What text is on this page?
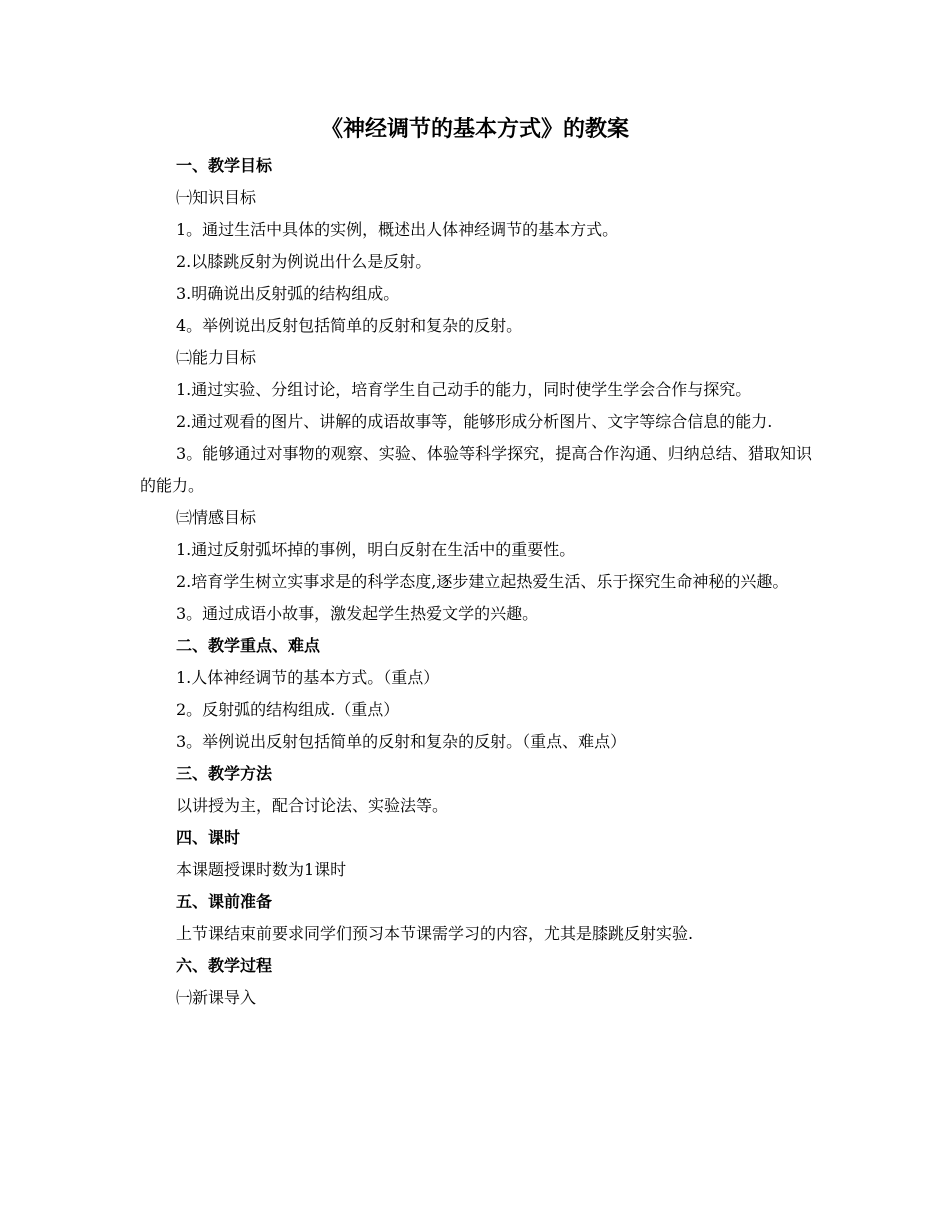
《神经调节的基本方式》的教案

一、教学目标

㈠知识目标

1。通过生活中具体的实例，概述出人体神经调节的基本方式。

2.以膝跳反射为例说出什么是反射。

3.明确说出反射弧的结构组成。

4。举例说出反射包括简单的反射和复杂的反射。

㈡能力目标

1.通过实验、分组讨论，培育学生自己动手的能力，同时使学生学会合作与探究。

2.通过观看的图片、讲解的成语故事等，能够形成分析图片、文字等综合信息的能力.

3。能够通过对事物的观察、实验、体验等科学探究，提高合作沟通、归纳总结、猎取知识的能力。

㈢情感目标

1.通过反射弧坏掉的事例，明白反射在生活中的重要性。

2.培育学生树立实事求是的科学态度,逐步建立起热爱生活、乐于探究生命神秘的兴趣。

3。通过成语小故事，激发起学生热爱文学的兴趣。

二、教学重点、难点

1.人体神经调节的基本方式。（重点）

2。反射弧的结构组成.（重点）

3。举例说出反射包括简单的反射和复杂的反射。（重点、难点）

三、教学方法

以讲授为主，配合讨论法、实验法等。

四、课时

本课题授课时数为1课时

五、课前准备

上节课结束前要求同学们预习本节课需学习的内容，尤其是膝跳反射实验.

六、教学过程

㈠新课导入
